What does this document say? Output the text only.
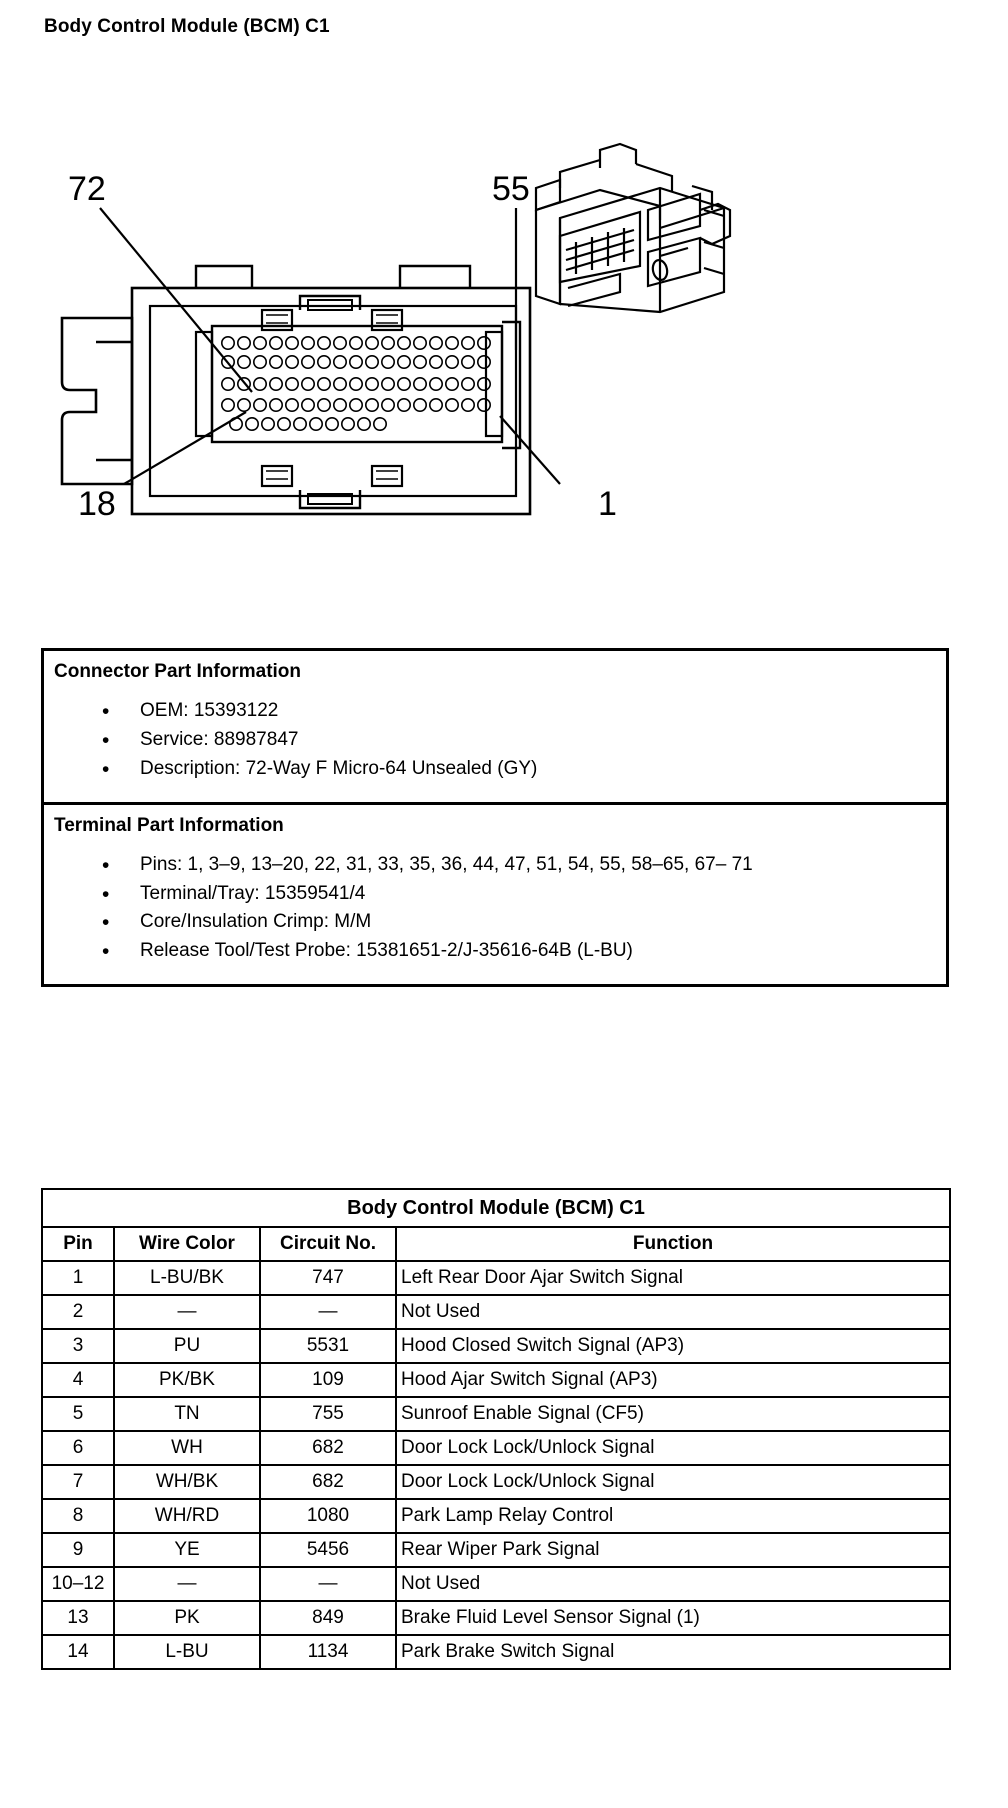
Body Control Module (BCM) C1
72	55
18	1
Connector Part Information
• OEM: 15393122
• Service: 88987847
• Description: 72-Way F Micro-64 Unsealed (GY)
Terminal Part Information
• Pins: 1, 3–9, 13–20, 22, 31, 33, 35, 36, 44, 47, 51, 54, 55, 58–65, 67– 71
• Terminal/Tray: 15359541/4
• Core/Insulation Crimp: M/M
• Release Tool/Test Probe: 15381651-2/J-35616-64B (L-BU)
Body Control Module (BCM) C1			
Pin	Wire Color	Circuit No.	Function
1	L-BU/BK	747	Left Rear Door Ajar Switch Signal
2	—	—	Not Used
3	PU	5531	Hood Closed Switch Signal (AP3)
4	PK/BK	109	Hood Ajar Switch Signal (AP3)
5	TN	755	Sunroof Enable Signal (CF5)
6	WH	682	Door Lock Lock/Unlock Signal
7	WH/BK	682	Door Lock Lock/Unlock Signal
8	WH/RD	1080	Park Lamp Relay Control
9	YE	5456	Rear Wiper Park Signal
10–12	—	—	Not Used
13	PK	849	Brake Fluid Level Sensor Signal (1)
14	L-BU	1134	Park Brake Switch Signal
